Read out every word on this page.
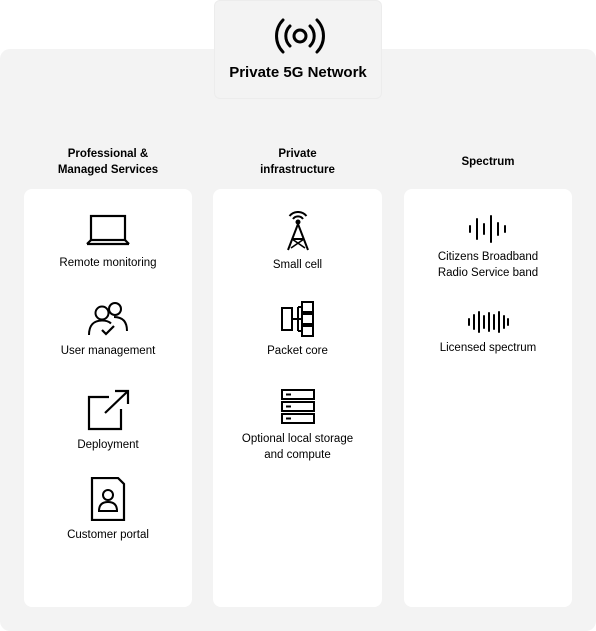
Private 5G Network
Professional &
Managed Services
Remote monitoring
User management
Deployment
Customer portal
Private
infrastructure
Small cell
Packet core
Optional local storage
and compute
Spectrum
Citizens Broadband
Radio Service band
Licensed spectrum
